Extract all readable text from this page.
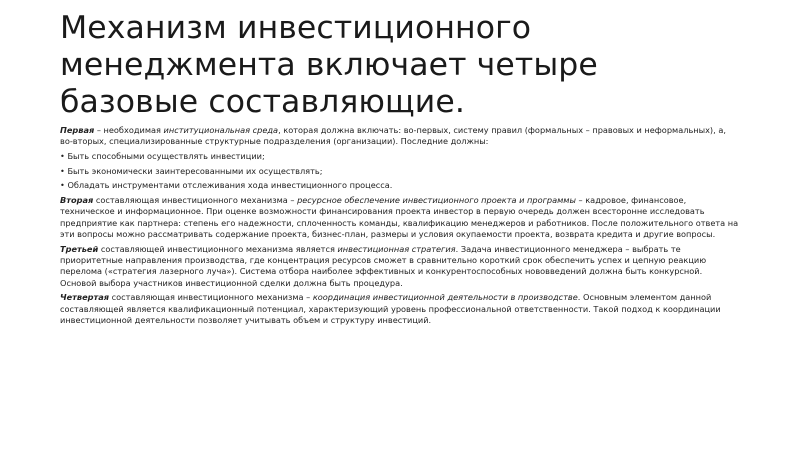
Механизм инвестиционного менеджмента включает четыре базовые составляющие.

Первая – необходимая институциональная среда, которая должна включать: во-первых, систему правил (формальных – правовых и неформальных), а, во-вторых, специализированные структурные подразделения (организации). Последние должны:

• Быть способными осуществлять инвестиции;

• Быть экономически заинтересованными их осуществлять;

• Обладать инструментами отслеживания хода инвестиционного процесса.

Вторая составляющая инвестиционного механизма – ресурсное обеспечение инвестиционного проекта и программы – кадровое, финансовое, техническое и информационное. При оценке возможности финансирования проекта инвестор в первую очередь должен всесторонне исследовать предприятие как партнера: степень его надежности, сплоченность команды, квалификацию менеджеров и работников. После положительного ответа на эти вопросы можно рассматривать содержание проекта, бизнес-план, размеры и условия окупаемости проекта, возврата кредита и другие вопросы.

Третьей составляющей инвестиционного механизма является инвестиционная стратегия. Задача инвестиционного менеджера – выбрать те приоритетные направления производства, где концентрация ресурсов сможет в сравнительно короткий срок обеспечить успех и цепную реакцию перелома («стратегия лазерного луча»). Система отбора наиболее эффективных и конкурентоспособных нововведений должна быть конкурсной. Основой выбора участников инвестиционной сделки должна быть процедура.

Четвертая составляющая инвестиционного механизма – координация инвестиционной деятельности в производстве. Основным элементом данной составляющей является квалификационный потенциал, характеризующий уровень профессиональной ответственности. Такой подход к координации инвестиционной деятельности позволяет учитывать объем и структуру инвестиций.
